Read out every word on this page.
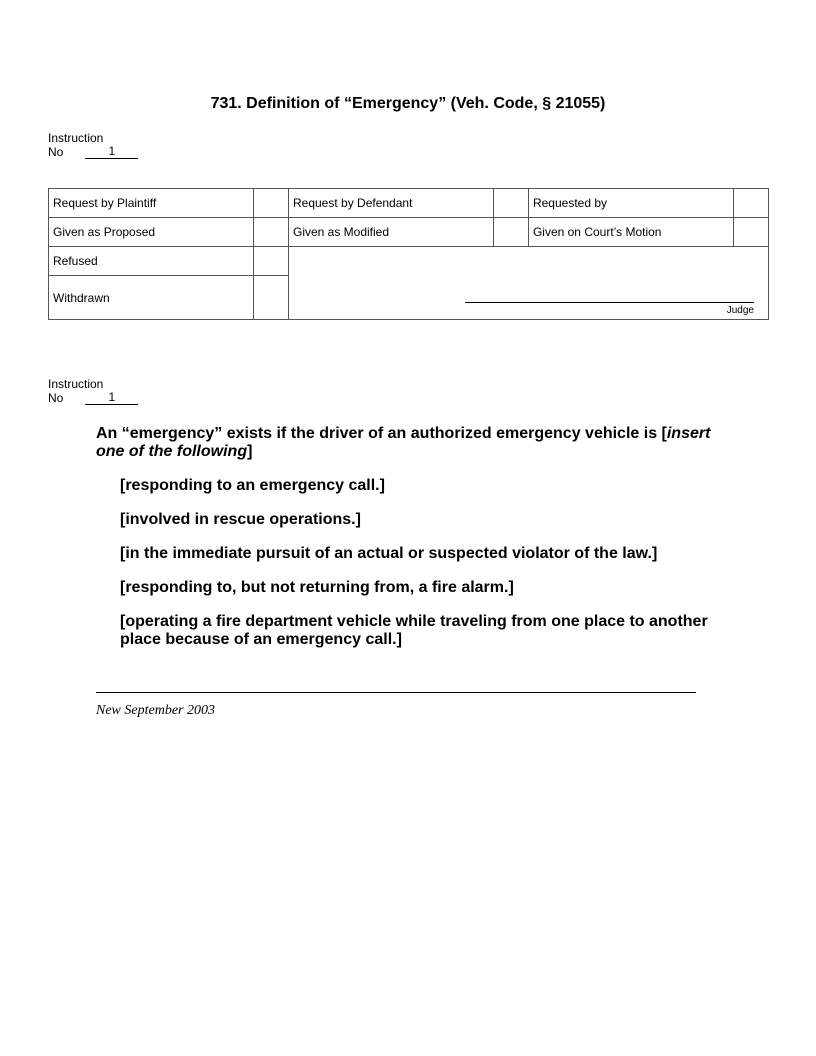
731. Definition of “Emergency” (Veh. Code, § 21055)
Instruction
No	1
Request by Plaintiff		Request by Defendant		Requested by	
Given as Proposed		Given as Modified		Given on Court’s Motion	
Refused		Judge			

Withdrawn					
Instruction
No	1

An “emergency” exists if the driver of an authorized emergency vehicle is [insert one of the following]

[responding to an emergency call.]

[involved in rescue operations.]

[in the immediate pursuit of an actual or suspected violator of the law.]

[responding to, but not returning from, a fire alarm.]

[operating a fire department vehicle while traveling from one place to another place because of an emergency call.]

New September 2003
